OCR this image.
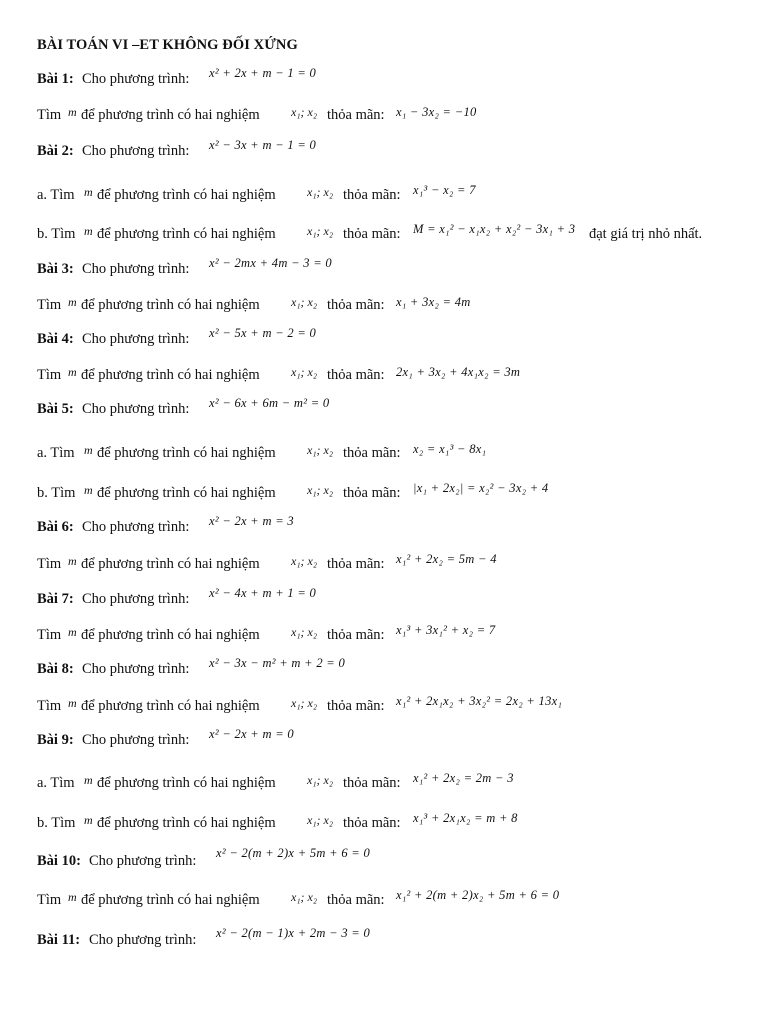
BÀI TOÁN VI –ET KHÔNG ĐỐI XỨNG
Bài 1: Cho phương trình: x² + 2x + m − 1 = 0
Tìm m để phương trình có hai nghiệm	x₁; x₂ thỏa mãn: x₁ − 3x₂ = −10
Bài 2: Cho phương trình: x² − 3x + m − 1 = 0
a. Tìm m để phương trình có hai nghiệm	x₁; x₂ thỏa mãn: x₁³ − x₂ = 7
b. Tìm m để phương trình có hai nghiệm	x₁; x₂ thỏa mãn: M = x₁² − x₁x₂ + x₂² − 3x₁ + 3 đạt giá trị nhỏ nhất.
Bài 3: Cho phương trình: x² − 2mx + 4m − 3 = 0
Tìm m để phương trình có hai nghiệm	x₁; x₂ thỏa mãn: x₁ + 3x₂ = 4m
Bài 4: Cho phương trình: x² − 5x + m − 2 = 0
Tìm m để phương trình có hai nghiệm	x₁; x₂ thỏa mãn: 2x₁ + 3x₂ + 4x₁x₂ = 3m
Bài 5: Cho phương trình: x² − 6x + 6m − m² = 0
a. Tìm m để phương trình có hai nghiệm	x₁; x₂ thỏa mãn: x₂ = x₁³ − 8x₁
b. Tìm m để phương trình có hai nghiệm	x₁; x₂ thỏa mãn: |x₁ + 2x₂| = x₂² − 3x₂ + 4
Bài 6: Cho phương trình: x² − 2x + m = 3
Tìm m để phương trình có hai nghiệm	x₁; x₂ thỏa mãn: x₁² + 2x₂ = 5m − 4
Bài 7: Cho phương trình: x² − 4x + m + 1 = 0
Tìm m để phương trình có hai nghiệm	x₁; x₂ thỏa mãn: x₁³ + 3x₁² + x₂ = 7
Bài 8: Cho phương trình: x² − 3x − m² + m + 2 = 0
Tìm m để phương trình có hai nghiệm	x₁; x₂ thỏa mãn: x₁² + 2x₁x₂ + 3x₂² = 2x₂ + 13x₁
Bài 9: Cho phương trình: x² − 2x + m = 0
a. Tìm m để phương trình có hai nghiệm	x₁; x₂ thỏa mãn: x₁² + 2x₂ = 2m − 3
b. Tìm m để phương trình có hai nghiệm	x₁; x₂ thỏa mãn: x₁³ + 2x₁x₂ = m + 8
Bài 10: Cho phương trình: x² − 2(m + 2)x + 5m + 6 = 0
Tìm m để phương trình có hai nghiệm	x₁; x₂ thỏa mãn: x₁² + 2(m + 2)x₂ + 5m + 6 = 0
Bài 11: Cho phương trình: x² − 2(m − 1)x + 2m − 3 = 0
